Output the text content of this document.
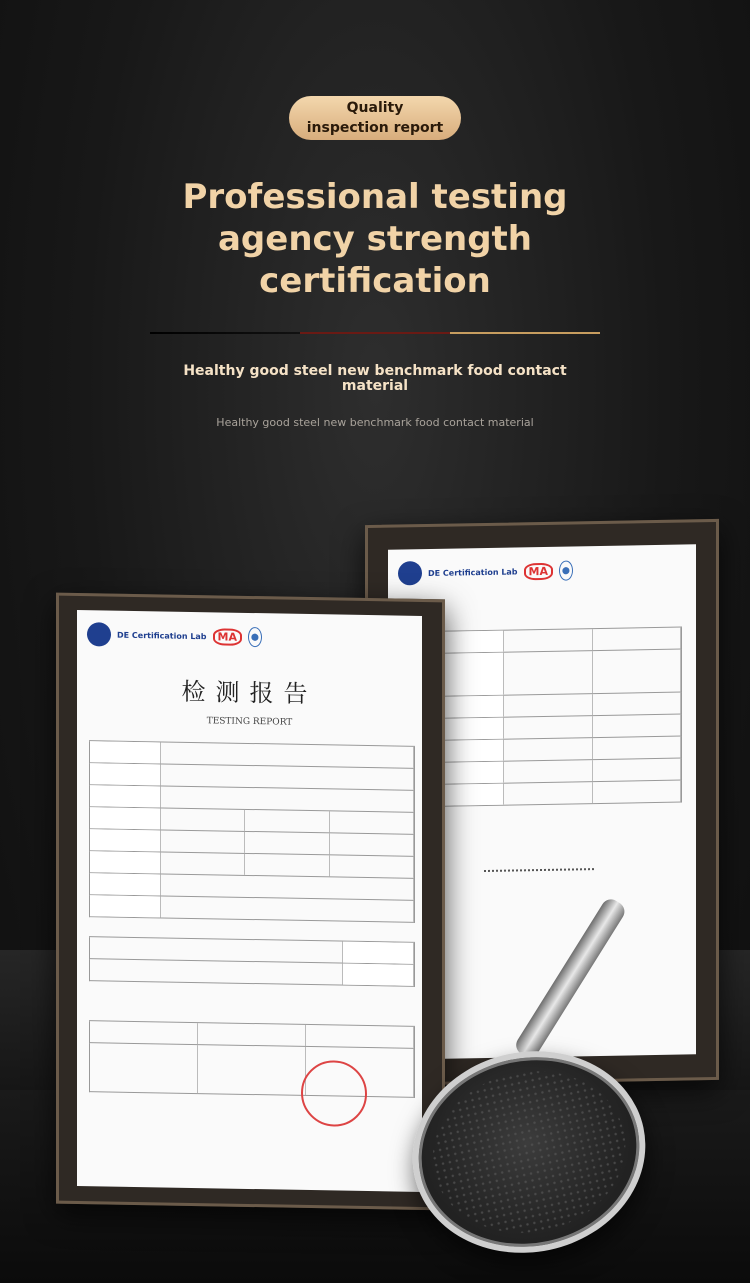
Quality
inspection report
Professional testing
agency strength
certification
Healthy good steel new benchmark food contact material
Healthy good steel new benchmark food contact material
DE Certification Lab	MA	⬤
DE Certification Lab	MA	⬤
检测报告
TESTING REPORT
